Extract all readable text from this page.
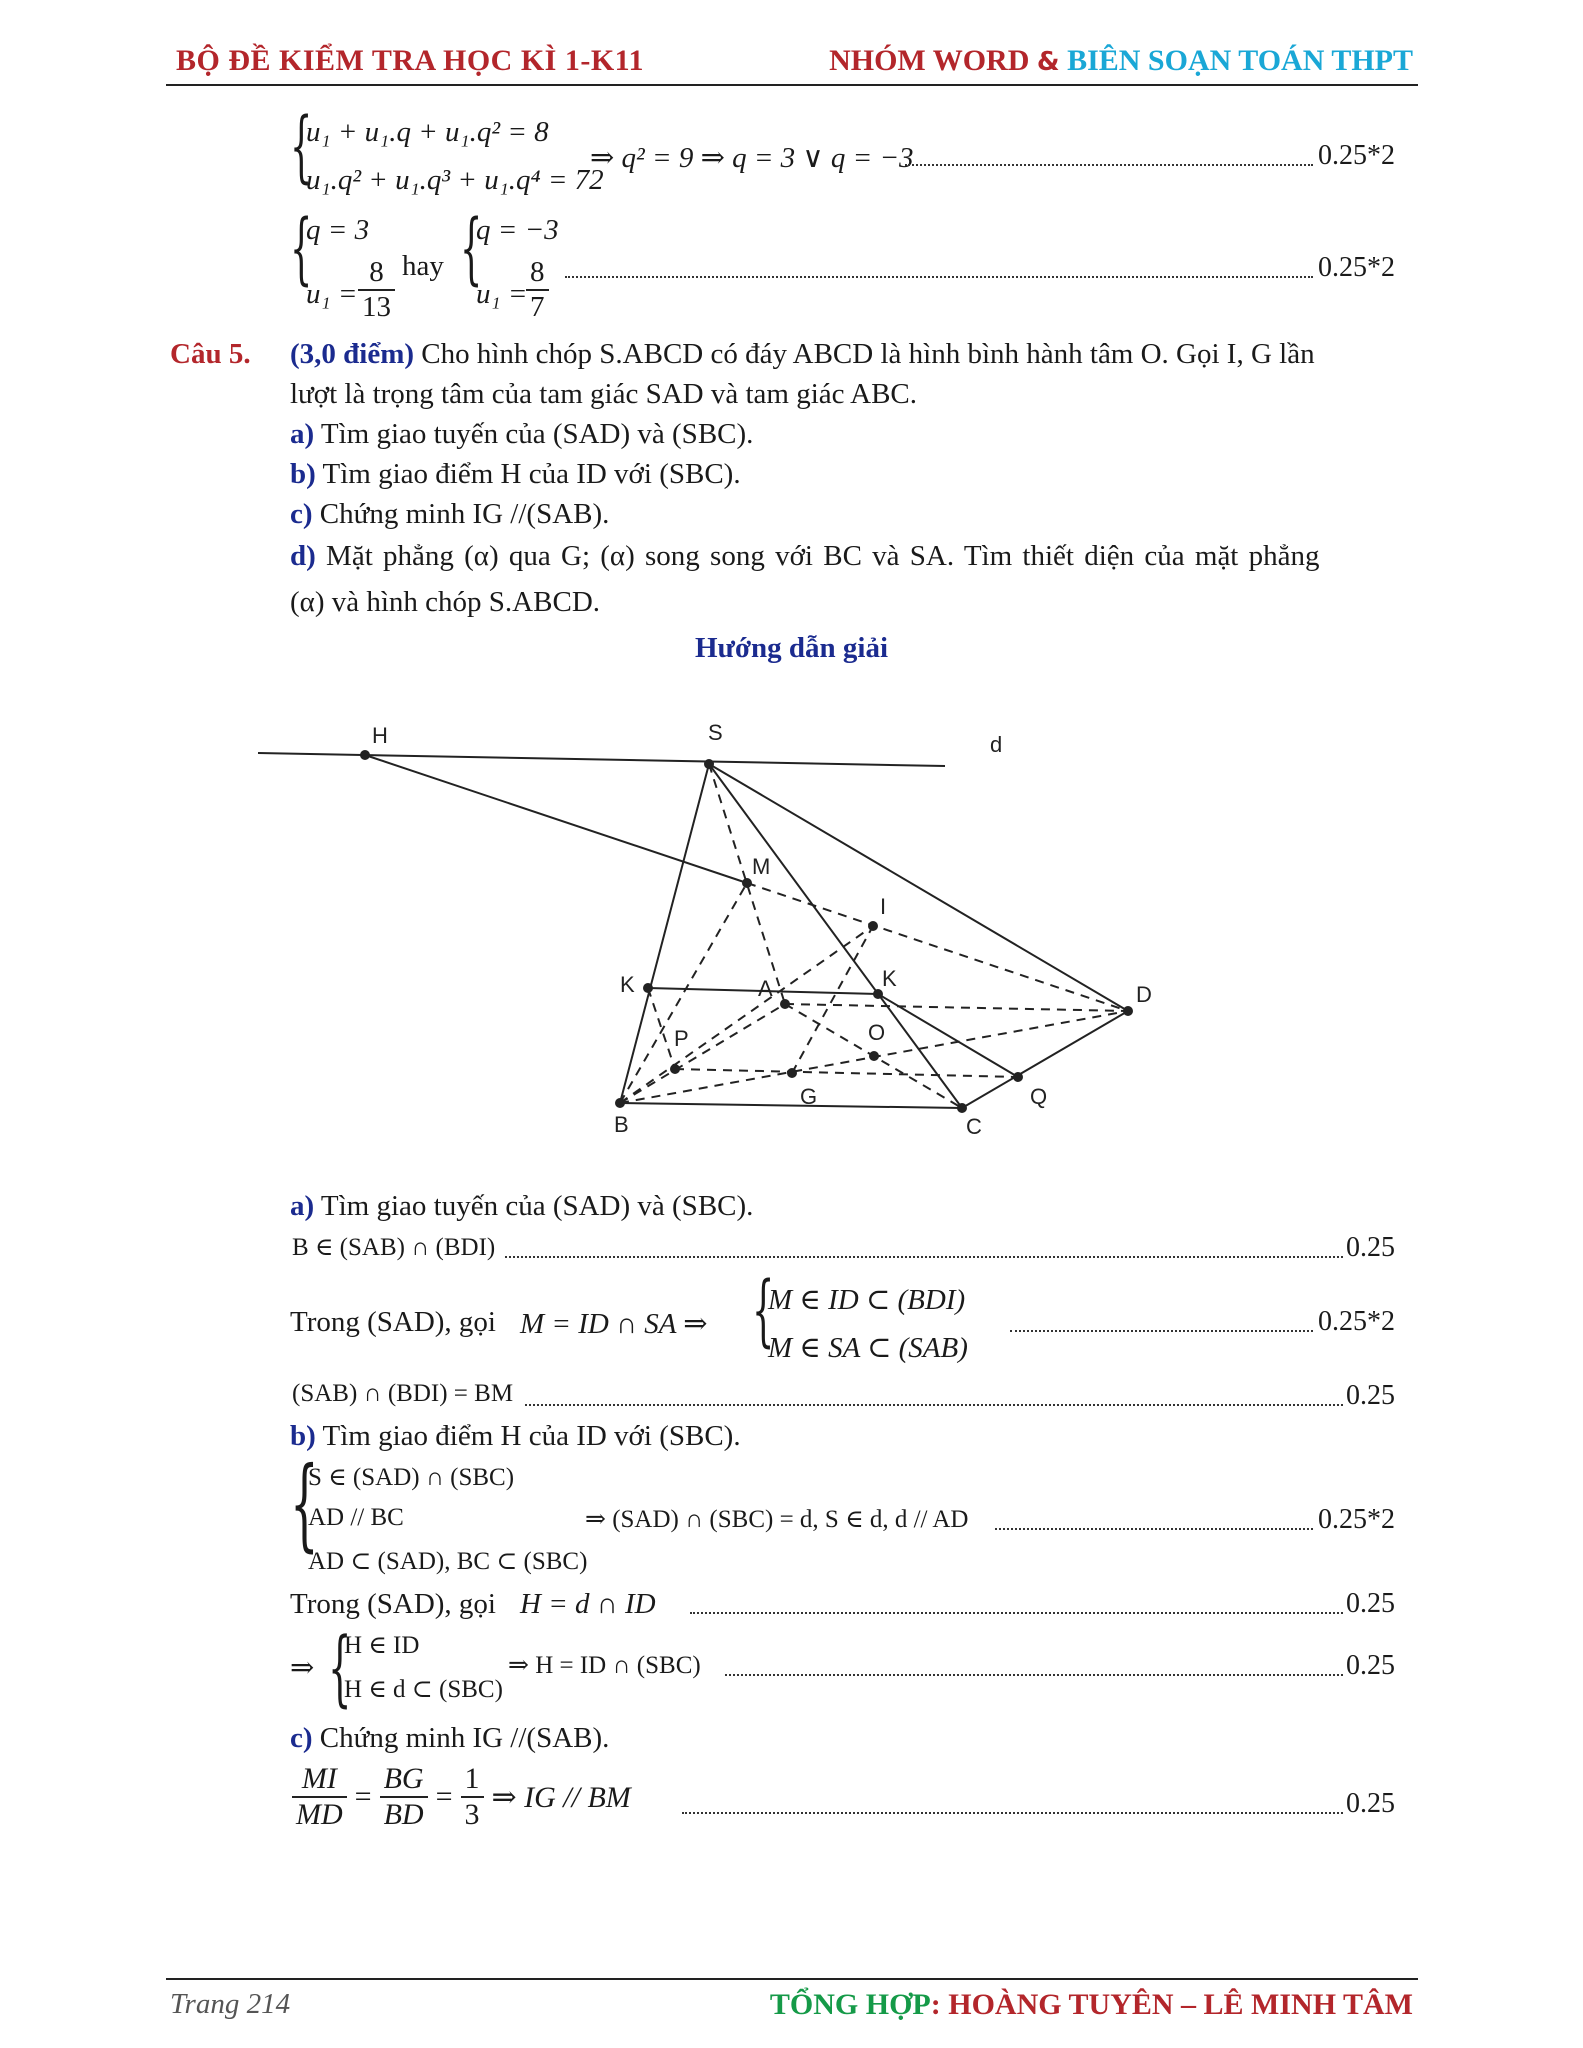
BỘ ĐỀ KIỂM TRA HỌC KÌ 1-K11	NHÓM WORD & BIÊN SOẠN TOÁN THPT
{
u₁ + u₁.q + u₁.q² = 8
u₁.q² + u₁.q³ + u₁.q⁴ = 72
⇒ q² = 9 ⇒ q = 3 ∨ q = −3	0.25*2
{
q = 3
$u_1 = \frac{8}{13}$ hay {
q = −3
u₁ =
$\frac{8}{7}$	0.25*2
Câu 5. (3,0 điểm) Cho hình chóp S.ABCD có đáy ABCD là hình bình hành tâm O. Gọi I, G lần
lượt là trọng tâm của tam giác SAD và tam giác ABC.
a) Tìm giao tuyến của (SAD) và (SBC).
b) Tìm giao điểm H của ID với (SBC).
c) Chứng minh IG //(SAB).
d) Mặt phẳng (α) qua G; (α) song song với BC và SA. Tìm thiết diện của mặt phẳng
(α) và hình chóp S.ABCD.
Hướng dẫn giải
H	S	d
M
I
K	A	K
D
P	O
G	Q
B	C
a) Tìm giao tuyến của (SAD) và (SBC).
B ∈ (SAB) ∩ (BDI)	0.25
Trong (SAD), gọi M = ID ∩ SA ⇒ {
M ∈ ID ⊂ (BDI)
M ∈ SA ⊂ (SAB)
0.25*2
(SAB) ∩ (BDI) = BM	0.25
b) Tìm giao điểm H của ID với (SBC).
{
S ∈ (SAD) ∩ (SBC)
AD // BC
AD ⊂ (SAD), BC ⊂ (SBC)
⇒ (SAD) ∩ (SBC) = d, S ∈ d, d // AD	0.25*2
Trong (SAD), gọi H = d ∩ ID	0.25
⇒ {
H ∈ ID
H ∈ d ⊂ (SBC)
⇒ H = ID ∩ (SBC)	0.25
c) Chứng minh IG //(SAB).
$\frac{MI}{MD} = \frac{BG}{BD} = \frac{1}{3}$ ⇒ IG // BM	0.25
Trang 214	TỔNG HỢP: HOÀNG TUYÊN – LÊ MINH TÂM
